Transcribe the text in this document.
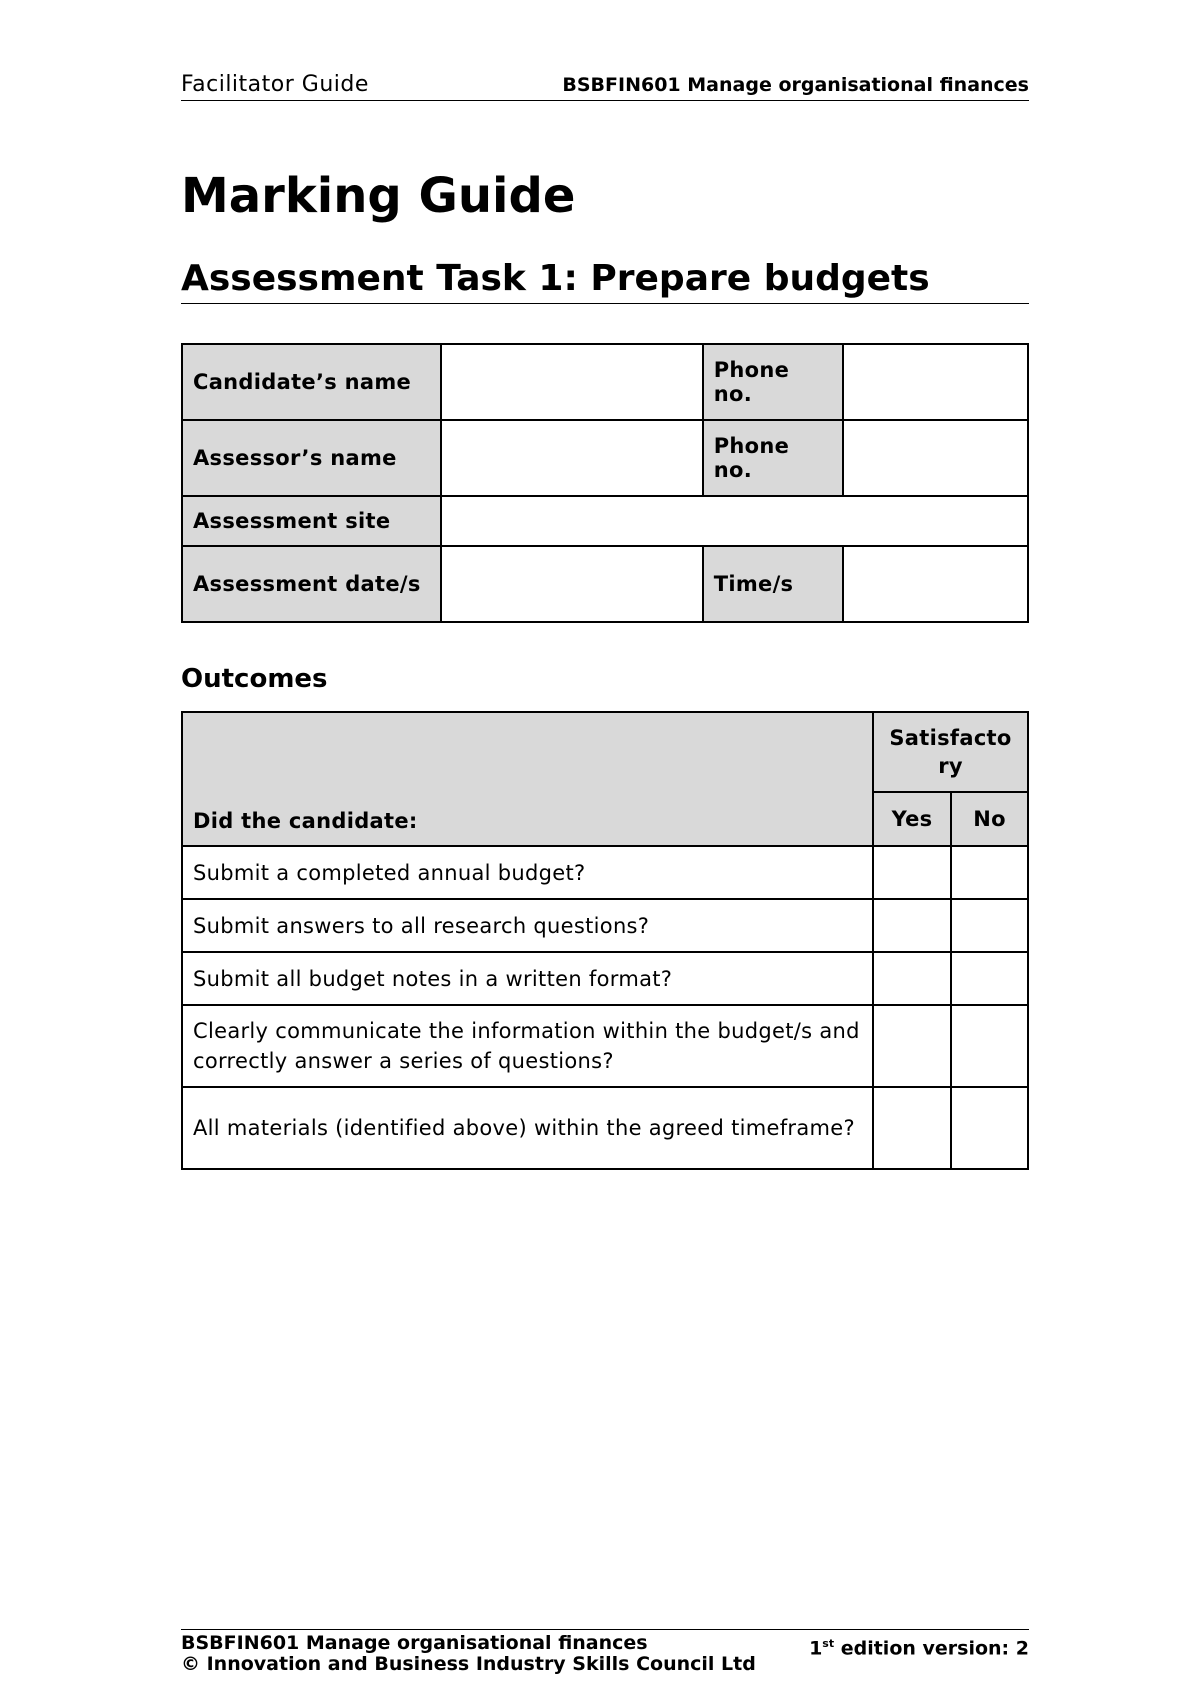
Facilitator Guide	BSBFIN601 Manage organisational finances
Marking Guide
Assessment Task 1: Prepare budgets
Candidate’s name		Phone no.	
Assessor’s name		Phone no.	
Assessment site			
Assessment date/s		Time/s	
Outcomes
Did the candidate:	Satisfactory	

	Yes	No
Submit a completed annual budget?		
Submit answers to all research questions?		
Submit all budget notes in a written format?		
Clearly communicate the information within the budget/s and correctly answer a series of questions?		
All materials (identified above) within the agreed timeframe?		
BSBFIN601 Manage organisational finances
© Innovation and Business Industry Skills Council Ltd
1st edition version: 2
